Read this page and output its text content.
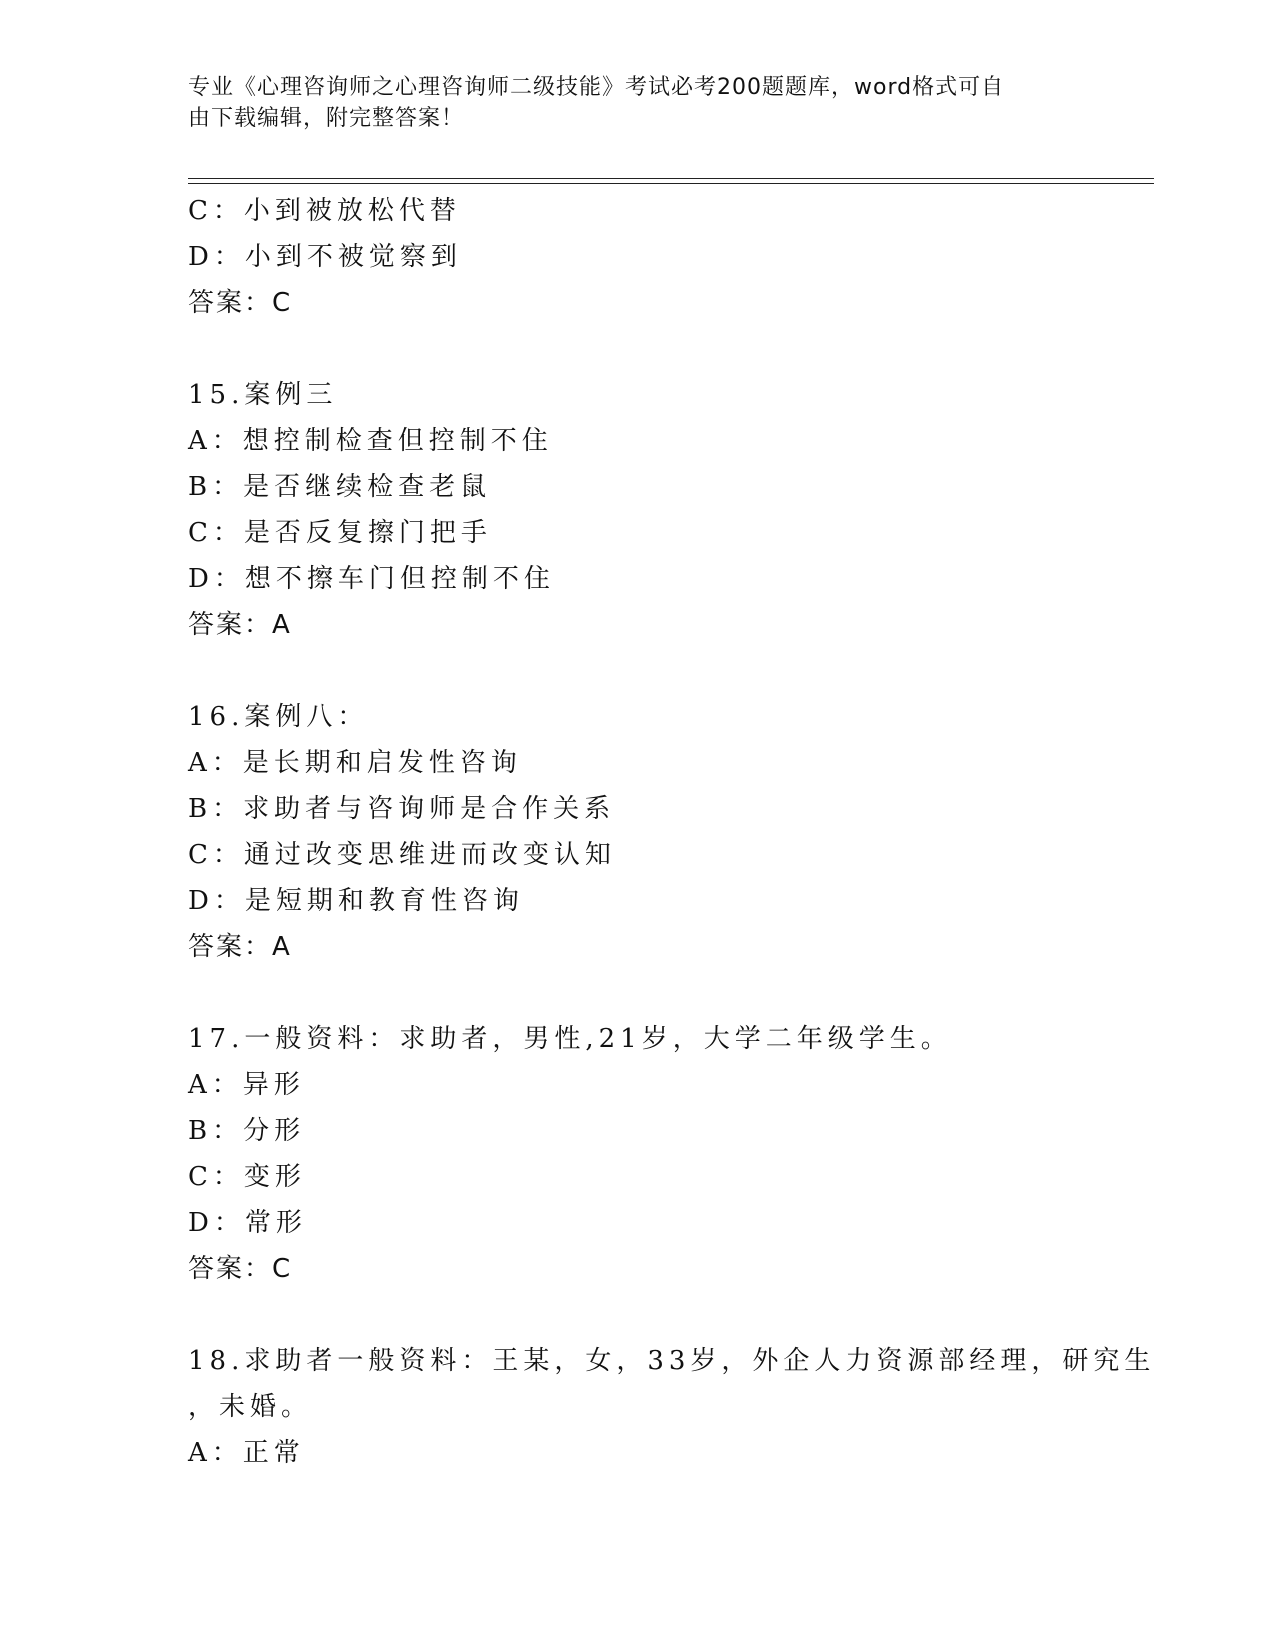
专业《心理咨询师之心理咨询师二级技能》考试必考200题题库，word格式可自
由下载编辑，附完整答案！
C：小到被放松代替
D：小到不被觉察到
答案：C
15.案例三
A：想控制检查但控制不住
B：是否继续检查老鼠
C：是否反复擦门把手
D：想不擦车门但控制不住
答案：A
16.案例八：
A：是长期和启发性咨询
B：求助者与咨询师是合作关系
C：通过改变思维进而改变认知
D：是短期和教育性咨询
答案：A
17.一般资料：求助者，男性,21岁，大学二年级学生。
A：异形
B：分形
C：变形
D：常形
答案：C
18.求助者一般资料：王某，女，33岁，外企人力资源部经理，研究生
，未婚。
A：正常
